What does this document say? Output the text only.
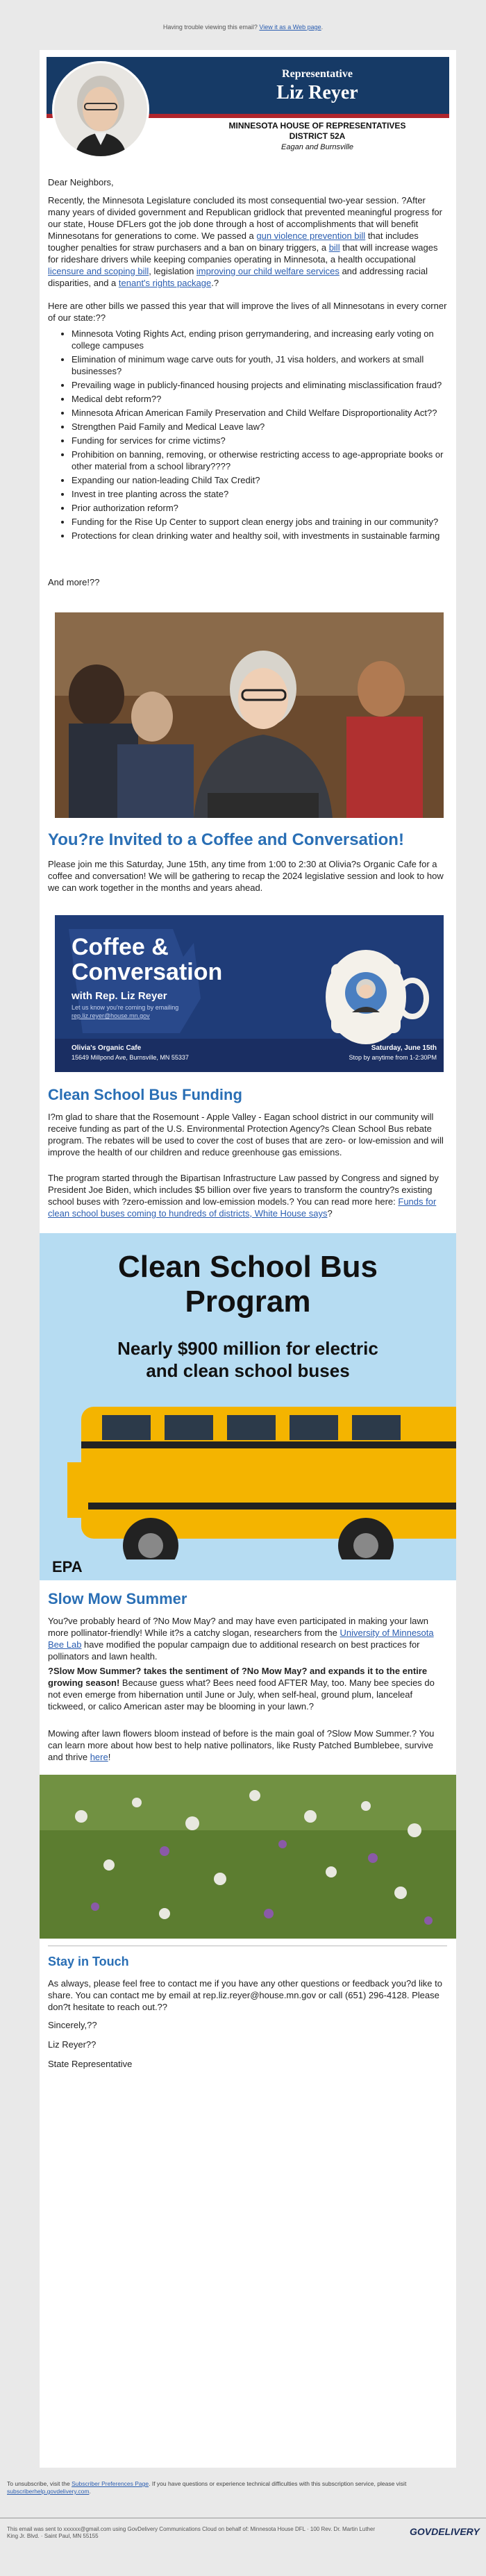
Having trouble viewing this email? View it as a Web page.
Representative
Liz Reyer
MINNESOTA HOUSE OF REPRESENTATIVES
DISTRICT 52A
Eagan and Burnsville
Dear Neighbors,
Recently, the Minnesota Legislature concluded its most consequential two-year session. ?After many years of divided government and Republican gridlock that prevented meaningful progress for our state, House DFLers got the job done through a host of accomplishments that will benefit Minnesotans for generations to come. We passed a gun violence prevention bill that includes tougher penalties for straw purchasers and a ban on binary triggers, a bill that will increase wages for rideshare drivers while keeping companies operating in Minnesota, a health occupational licensure and scoping bill, legislation improving our child welfare services and addressing racial disparities, and a tenant's rights package.?
Here are other bills we passed this year that will improve the lives of all Minnesotans in every corner of our state:??
• Minnesota Voting Rights Act, ending prison gerrymandering, and increasing early voting on college campuses
• Elimination of minimum wage carve outs for youth, J1 visa holders, and workers at small businesses?
• Prevailing wage in publicly-financed housing projects and eliminating misclassification fraud?
• Medical debt reform??
• Minnesota African American Family Preservation and Child Welfare Disproportionality Act??
• Strengthen Paid Family and Medical Leave law?
• Funding for services for crime victims?
• Prohibition on banning, removing, or otherwise restricting access to age-appropriate books or other material from a school library????
• Expanding our nation-leading Child Tax Credit?
• Invest in tree planting across the state?
• Prior authorization reform?
• Funding for the Rise Up Center to support clean energy jobs and training in our community?
• Protections for clean drinking water and healthy soil, with investments in sustainable farming
And more!??
You?re Invited to a Coffee and Conversation!
Please join me this Saturday, June 15th, any time from 1:00 to 2:30 at Olivia?s Organic Cafe for a coffee and conversation! We will be gathering to recap the 2024 legislative session and look to how we can work together in the months and years ahead.
Coffee &
Conversation
with Rep. Liz Reyer
Let us know you're coming by emailing
rep.liz.reyer@house.mn.gov
Olivia's Organic Cafe
15649 Millpond Ave, Burnsville, MN 55337
Saturday, June 15th
Stop by anytime from 1-2:30PM
Clean School Bus Funding
I?m glad to share that the Rosemount - Apple Valley - Eagan school district in our community will receive funding as part of the U.S. Environmental Protection Agency?s Clean School Bus rebate program. The rebates will be used to cover the cost of buses that are zero- or low-emission and will improve the health of our children and reduce greenhouse gas emissions.
The program started through the Bipartisan Infrastructure Law passed by Congress and signed by President Joe Biden, which includes $5 billion over five years to transform the country?s existing school buses with ?zero-emission and low-emission models.? You can read more here: Funds for clean school buses coming to hundreds of districts, White House says?
Clean School Bus
Program
Nearly $900 million for electric
and clean school buses
EPA
Slow Mow Summer
You?ve probably heard of ?No Mow May? and may have even participated in making your lawn more pollinator-friendly! While it?s a catchy slogan, researchers from the University of Minnesota Bee Lab have modified the popular campaign due to additional research on best practices for pollinators and lawn health.
?Slow Mow Summer? takes the sentiment of ?No Mow May? and expands it to the entire growing season! Because guess what? Bees need food AFTER May, too. Many bee species do not even emerge from hibernation until June or July, when self-heal, ground plum, lanceleaf tickweed, or calico American aster may be blooming in your lawn.?
Mowing after lawn flowers bloom instead of before is the main goal of ?Slow Mow Summer.? You can learn more about how best to help native pollinators, like Rusty Patched Bumblebee, survive and thrive here!
Stay in Touch
As always, please feel free to contact me if you have any other questions or feedback you?d like to share. You can contact me by email at rep.liz.reyer@house.mn.gov or call (651) 296-4128. Please don?t hesitate to reach out.??
Sincerely,??
Liz Reyer??
State Representative
To unsubscribe, visit the Subscriber Preferences Page. If you have questions or experience technical difficulties with this subscription service, please visit subscriberhelp.govdelivery.com.
This email was sent to xxxxxx@gmail.com using GovDelivery Communications Cloud on behalf of: Minnesota House DFL · 100 Rev. Dr. Martin Luther King Jr. Blvd. · Saint Paul, MN 55155	GOVDELIVERY
